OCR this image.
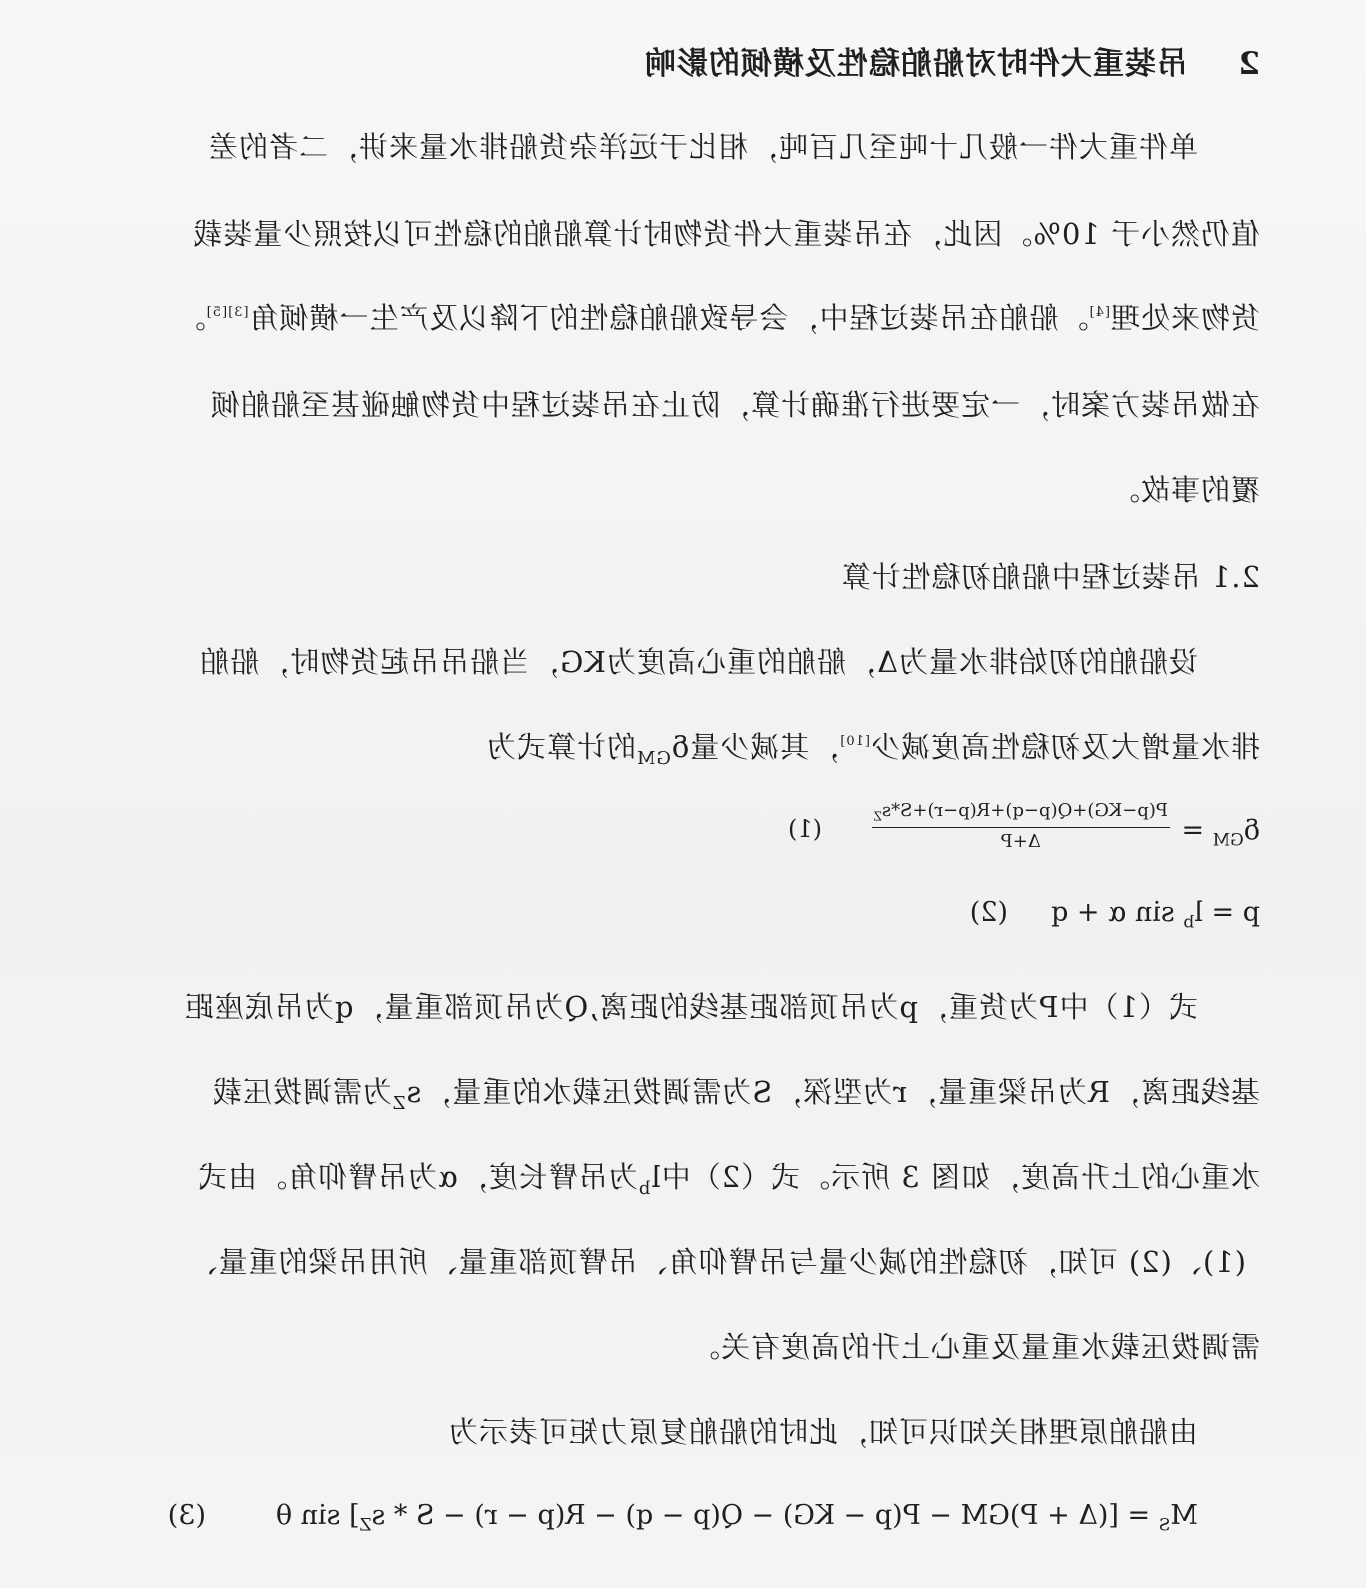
2  吊装重大件时对船舶稳性及横倾的影响
单件重大件一般几十吨至几百吨，相比于远洋杂货船排水量来讲，二者的差
值仍然小于 10%。因此，在吊装重大件货物时计算船舶的稳性可以按照少量装载
货物来处理[4]。船舶在吊装过程中，会导致船舶稳性的下降以及产生一横倾角[3][5]。
在做吊装方案时，一定要进行准确计算，防止在吊装过程中货物触碰甚至船舶倾
覆的事故。
2.1 吊装过程中船舶初稳性计算
设船舶的初始排水量为Δ，船舶的重心高度为KG，当船吊吊起货物时，船舶
排水量增大及初稳性高度减少[10]，其减少量$\delta_{GM}$的计算式为
$\delta_{GM}$ =
$\frac{P(p-KG)+Q(p-q)+R(p-r)+S*s_Z}{\Delta+P}$
(1)
$p = l_b$ sin α + q
(2)
式（1）中P为货重，p为吊顶部距基线的距离,Q为吊顶部重量，q为吊底座距
基线距离，R为吊梁重量，r为型深，S为需调拨压载水的重量，$s_Z$为需调拨压载
水重心的上升高度，如图 3 所示。式（2）中$l_b$为吊臂长度，α为吊臂仰角。由式
(1)、(2) 可知，初稳性的减少量与吊臂仰角、吊臂顶部重量、所用吊梁的重量、
需调拨压载水重量及重心上升的高度有关。
由船舶原理相关知识可知，此时的船舶复原力矩可表示为
$M_S = [(\Delta + P)GM - P(p - KG) - Q(p - q) - R(p - r) - S * s_Z]$ sin θ
(3)
